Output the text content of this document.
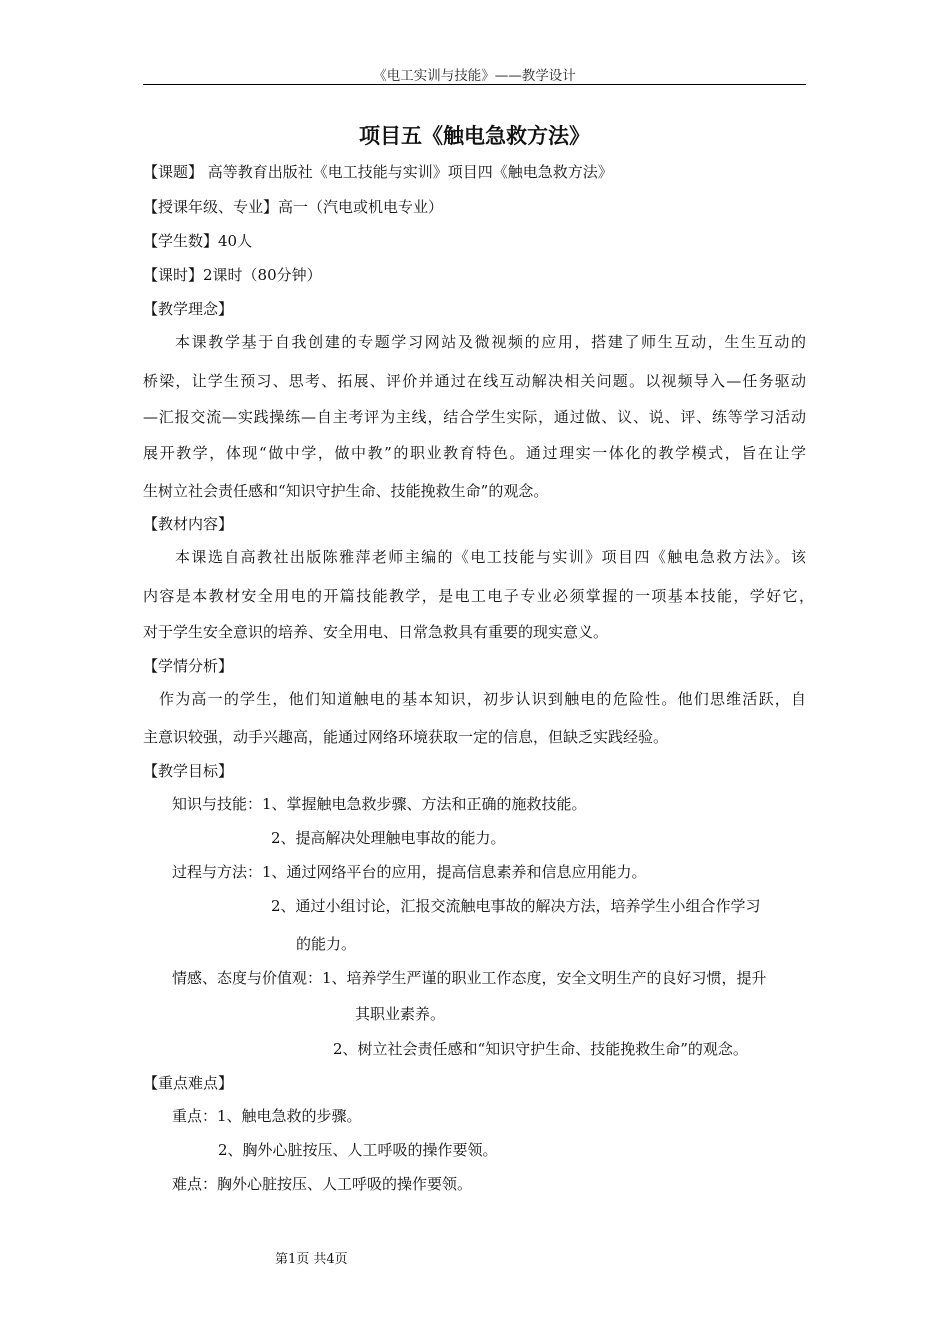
《电工实训与技能》——教学设计
项目五《触电急救方法》
【课题】 高等教育出版社《电工技能与实训》项目四《触电急救方法》
【授课年级、专业】高一（汽电或机电专业）
【学生数】40人
【课时】2课时（80分钟）
【教学理念】
本课教学基于自我创建的专题学习网站及微视频的应用，搭建了师生互动，生生互动的
桥梁，让学生预习、思考、拓展、评价并通过在线互动解决相关问题。以视频导入—任务驱动
—汇报交流—实践操练—自主考评为主线，结合学生实际，通过做、议、说、评、练等学习活动
展开教学，体现“做中学，做中教”的职业教育特色。通过理实一体化的教学模式，旨在让学
生树立社会责任感和“知识守护生命、技能挽救生命”的观念。
【教材内容】
本课选自高教社出版陈雅萍老师主编的《电工技能与实训》项目四《触电急救方法》。该
内容是本教材安全用电的开篇技能教学，是电工电子专业必须掌握的一项基本技能，学好它，
对于学生安全意识的培养、安全用电、日常急救具有重要的现实意义。
【学情分析】
作为高一的学生，他们知道触电的基本知识，初步认识到触电的危险性。他们思维活跃，自
主意识较强，动手兴趣高，能通过网络环境获取一定的信息，但缺乏实践经验。
【教学目标】
知识与技能：1、掌握触电急救步骤、方法和正确的施救技能。
2、提高解决处理触电事故的能力。
过程与方法：1、通过网络平台的应用，提高信息素养和信息应用能力。
2、通过小组讨论，汇报交流触电事故的解决方法，培养学生小组合作学习
的能力。
情感、态度与价值观：1、培养学生严谨的职业工作态度，安全文明生产的良好习惯，提升
其职业素养。
2、树立社会责任感和“知识守护生命、技能挽救生命”的观念。
【重点难点】
重点：1、触电急救的步骤。
2、胸外心脏按压、人工呼吸的操作要领。
难点：胸外心脏按压、人工呼吸的操作要领。
第1页 共4页
